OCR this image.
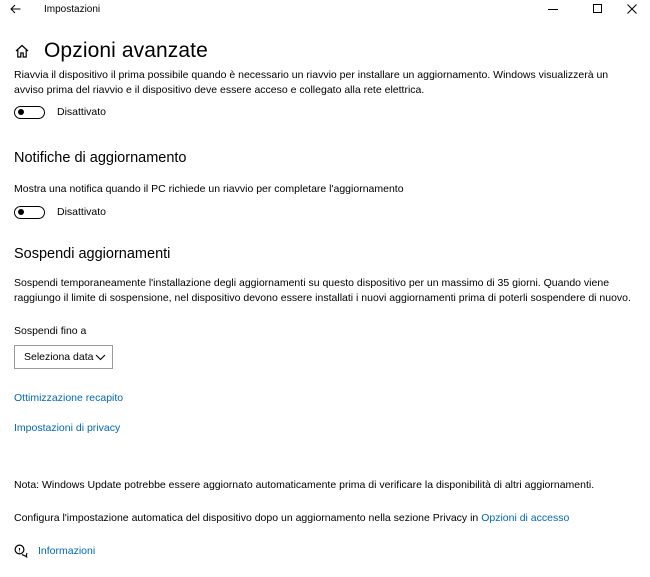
Impostazioni
Opzioni avanzate
Riavvia il dispositivo il prima possibile quando è necessario un riavvio per installare un aggiornamento. Windows visualizzerà un avviso prima del riavvio e il dispositivo deve essere acceso e collegato alla rete elettrica.
Disattivato
Notifiche di aggiornamento
Mostra una notifica quando il PC richiede un riavvio per completare l'aggiornamento
Disattivato
Sospendi aggiornamenti
Sospendi temporaneamente l'installazione degli aggiornamenti su questo dispositivo per un massimo di 35 giorni. Quando viene raggiungo il limite di sospensione, nel dispositivo devono essere installati i nuovi aggiornamenti prima di poterli sospendere di nuovo.
Sospendi fino a
Seleziona data
Ottimizzazione recapito
Impostazioni di privacy
Nota: Windows Update potrebbe essere aggiornato automaticamente prima di verificare la disponibilità di altri aggiornamenti.
Configura l'impostazione automatica del dispositivo dopo un aggiornamento nella sezione Privacy in Opzioni di accesso
Informazioni
